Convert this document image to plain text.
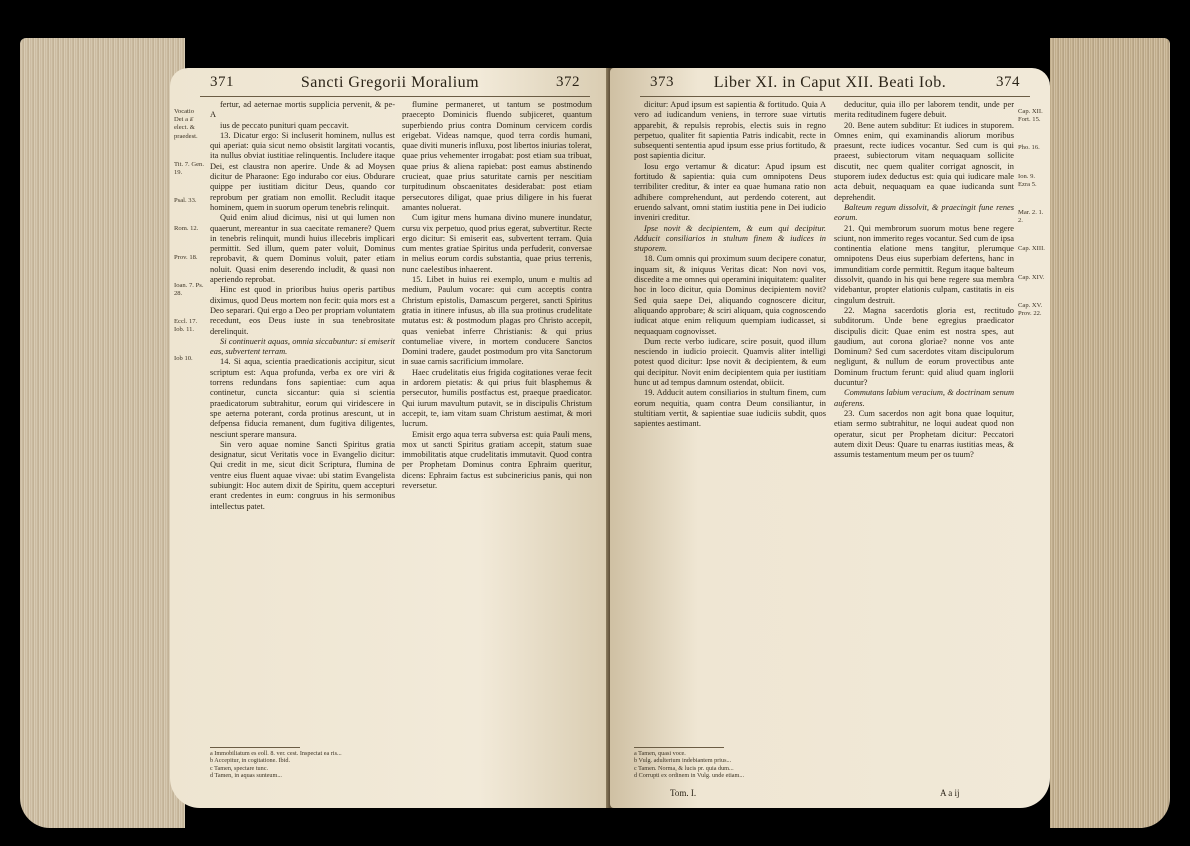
371	Sancti Gregorii Moralium	372
Vocatio Dei a ā̄ elect. & praedest.
Tit. 7. Gen. 19.
Psal. 33.
Rom. 12.
Prov. 18.
Ioan. 7. Ps. 28.
Eccl. 17. Iob. 11.
Iob 10.

fertur, ad aeternae mortis supplicia pervenit, & pe- A

ius de peccato punituri quam peccavit.

13. Dicatur ergo: Si incluserit hominem, nullus est qui aperiat: quia sicut nemo obsistit largitati vocantis, ita nullus obviat iustitiae relinquentis. Includere itaque Dei, est claustra non aperire. Unde & ad Moysen dicitur de Pharaone: Ego indurabo cor eius. Obdurare quippe per iustitiam dicitur Deus, quando cor reprobum per gratiam non emollit. Recludit itaque hominem, quem in suorum operum tenebris relinquit.

Quid enim aliud dicimus, nisi ut qui lumen non quaerunt, mereantur in sua caecitate remanere? Quem in tenebris relinquit, mundi huius illecebris implicari permittit. Sed illum, quem pater voluit, Dominus reprobavit, & quem Dominus voluit, pater etiam noluit. Quasi enim deserendo includit, & quasi non aperiendo reprobat.

Hinc est quod in prioribus huius operis partibus diximus, quod Deus mortem non fecit: quia mors est a Deo separari. Qui ergo a Deo per propriam voluntatem recedunt, eos Deus iuste in sua tenebrositate derelinquit.

Si continuerit aquas, omnia siccabuntur: si emiserit eas, subvertent terram.

14. Si aqua, scientia praedicationis accipitur, sicut scriptum est: Aqua profunda, verba ex ore viri & torrens redundans fons sapientiae: cum aqua continetur, cuncta siccantur: quia si scientia praedicatorum subtrahitur, eorum qui viridescere in spe aeterna poterant, corda protinus arescunt, ut in defpensa fiducia remanent, dum fugitiva diligentes, nesciunt sperare mansura.

Sin vero aquae nomine Sancti Spiritus gratia designatur, sicut Veritatis voce in Evangelio dicitur: Qui credit in me, sicut dicit Scriptura, flumina de ventre eius fluent aquae vivae: ubi statim Evangelista subiungit: Hoc autem dixit de Spiritu, quem accepturi erant credentes in eum: congruus in his sermonibus intellectus patet.

flumine permaneret, ut tantum se postmodum praecepto Dominicis fluendo subjiceret, quantum superbiendo prius contra Dominum cervicem cordis erigebat. Videas namque, quod terra cordis humani, quae diviti muneris influxu, post libertos iniurias tolerat, quae prius vehementer irrogabat: post etiam sua tribuat, quae prius & aliena rapiebat: post eamus abstinendo crucieat, quae prius saturitate carnis per nescitiam turpitudinum obscaenitates desiderabat: post etiam persecutores diligat, quae prius diligere in his fuerat amantes noluerat.

Cum igitur mens humana divino munere inundatur, cursu vix perpetuo, quod prius egerat, subvertitur. Recte ergo dicitur: Si emiserit eas, subvertent terram. Quia cum mentes gratiae Spiritus unda perfuderit, conversae in melius eorum cordis substantia, quae prius terrenis, nunc caelestibus inhaerent.

15. Libet in huius rei exemplo, unum e multis ad medium, Paulum vocare: qui cum acceptis contra Christum epistolis, Damascum pergeret, sancti Spiritus gratia in itinere infusus, ab illa sua protinus crudelitate mutatus est: & postmodum plagas pro Christo accepit, quas veniebat inferre Christianis: & qui prius contumeliae vivere, in mortem conducere Sanctos Domini tradere, gaudet postmodum pro vita Sanctorum in suae carnis sacrificium immolare.

Haec crudelitatis eius frigida cogitationes verae fecit in ardorem pietatis: & qui prius fuit blasphemus & persecutor, humilis postfactus est, praeque praedicator. Qui iurum mavultum putavit, se in discipulis Christum accepit, te, iam vitam suam Christum aestimat, & mori lucrum.

Emisit ergo aqua terra subversa est: quia Pauli mens, mox ut sancti Spiritus gratiam accepit, statum suae immobilitatis atque crudelitatis immutavit. Quod contra per Prophetam Dominus contra Ephraim queritur, dicens: Ephraim factus est subcinericius panis, qui non reversetur.

a Immobiliatum es eoll. 8. ver. cest. Inspectat ea ris...
b Accepitur, in cogitatione. Ibid.
c Tamen, spectare tunc.
d Tamen, in aquas sunteum...
373	Liber XI. in Caput XII. Beati Iob.	374

dicitur: Apud ipsum est sapientia & fortitudo. Quia A vero ad iudicandum veniens, in terrore suae virtutis apparebit, & repulsis reprobis, electis suis in regno perpetuo, qualiter fit sapientia Patris indicabit, recte in subsequenti sententia apud ipsum esse prius fortitudo, & post sapientia dicitur.

Iosu ergo vertamur & dicatur: Apud ipsum est fortitudo & sapientia: quia cum omnipotens Deus terribiliter creditur, & inter ea quae humana ratio non adhibere comprehendunt, aut perdendo coterent, aut eruendo salvant, omni statim iustitia pene in Dei iudicio inveniri creditur.

Ipse novit & decipientem, & eum qui decipitur. Adducit consiliarios in stultum finem & iudices in stuporem.

18. Cum omnis qui proximum suum decipere conatur, inquam sit, & iniquus Veritas dicat: Non novi vos, discedite a me omnes qui operamini iniquitatem: qualiter hoc in loco dicitur, quia Dominus decipientem novit? Sed quia saepe Dei, aliquando cognoscere dicitur, aliquando approbare; & sciri aliquam, quia cognoscendo iudicat atque enim reliquum quempiam iudicasset, si nequaquam cognovisset.

Dum recte verbo iudicare, scire posuit, quod illum nesciendo in iudicio proiecit. Quamvis aliter intelligi potest quod dicitur: Ipse novit & decipientem, & eum qui decipitur. Novit enim decipientem quia per iustitiam hunc ut ad tempus damnum ostendat, obiicit.

19. Adducit autem consiliarios in stultum finem, cum eorum nequitia, quam contra Deum consiliantur, in stultitiam vertit, & sapientiae suae iudiciis subdit, quos sapientes aestimant.

deducitur, quia illo per laborem tendit, unde per merita reditudinem fugere debuit.

20. Bene autem subditur: Et iudices in stuporem. Omnes enim, qui examinandis aliorum moribus praesunt, recte iudices vocantur. Sed cum is qui praeest, subiectorum vitam nequaquam sollicite discutit, nec quem qualiter corrigat agnoscit, in stuporem iudex deductus est: quia qui iudicare male acta debuit, nequaquam ea quae iudicanda sunt deprehendit.

Balteum regum dissolvit, & praecingit fune renes eorum.

21. Qui membrorum suorum motus bene regere sciunt, non immerito reges vocantur. Sed cum de ipsa continentia elatione mens tangitur, plerumque omnipotens Deus eius superbiam defertens, hanc in immunditiam corde permittit. Regum itaque balteum dissolvit, quando in his qui bene regere sua membra videbantur, propter elationis culpam, castitatis in eis cingulum destruit.

22. Magna sacerdotis gloria est, rectitudo subditorum. Unde bene egregius praedicator discipulis dicit: Quae enim est nostra spes, aut gaudium, aut corona gloriae? nonne vos ante Dominum? Sed cum sacerdotes vitam discipulorum negligunt, & nullum de eorum provectibus ante Dominum fructum ferunt: quid aliud quam inglorii ducuntur?

Commutans labium veracium, & doctrinam senum auferens.

23. Cum sacerdos non agit bona quae loquitur, etiam sermo subtrahitur, ne loqui audeat quod non operatur, sicut per Prophetam dicitur: Peccatori autem dixit Deus: Quare tu enarras iustitias meas, & assumis testamentum meum per os tuum?

Cap. XII. Fort. 15.
Pho. 16.
Ion. 9. Ezra 5.
Mar. 2. 1. 2.
Cap. XIII.
Cap. XIV.
Cap. XV. Prov. 22.
a Tamen, quasi voce.
b Vulg. adulterium indebiantem prius...
c Tamen. Norma, & lucis pr. quia dum...
d Corrupti ex ordinem in Vulg. unde etiam...
Tom. I.	A a ij
